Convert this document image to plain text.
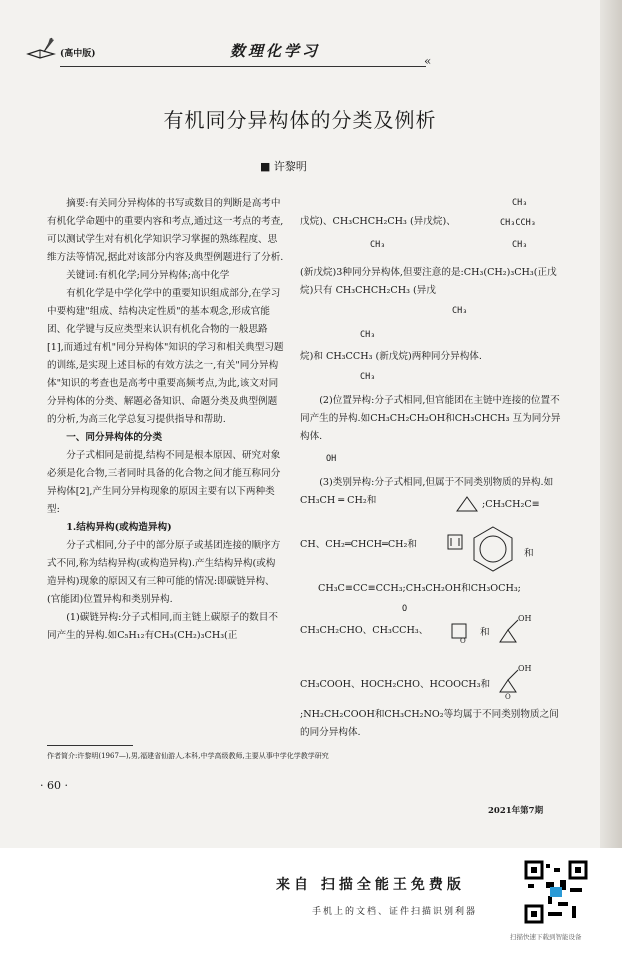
(高中版)	数理化学习
«
有机同分异构体的分类及例析
■ 许黎明

摘要:有关同分异构体的书写或数目的判断是高考中有机化学命题中的重要内容和考点,通过这一考点的考查,可以测试学生对有机化学知识学习掌握的熟练程度、思维方法等情况,据此对该部分内容及典型例题进行了分析.

关键词:有机化学;同分异构体;高中化学

有机化学是中学化学中的重要知识组成部分,在学习中要构建"组成、结构决定性质"的基本观念,形成官能团、化学键与反应类型来认识有机化合物的一般思路[1],而通过有机"同分异构体"知识的学习和相关典型习题的训练,是实现上述目标的有效方法之一,有关"同分异构体"知识的考查也是高考中重要高频考点,为此,该文对同分异构体的分类、解题必备知识、命题分类及典型例题的分析,为高三化学总复习提供指导和帮助.

一、同分异构体的分类

分子式相同是前提,结构不同是根本原因、研究对象必须是化合物,三者同时具备的化合物之间才能互称同分异构体[2],产生同分异构现象的原因主要有以下两种类型:

1.结构异构(或构造异构)

分子式相同,分子中的部分原子或基团连接的顺序方式不同,称为结构异构(或构造异构).产生结构异构(或构造异构)现象的原因又有三种可能的情况:即碳链异构、(官能团)位置异构和类别异构.

(1)碳链异构:分子式相同,而主链上碳原子的数目不同产生的异构.如C₅H₁₂有CH₃(CH₂)₃CH₃(正

戊烷)、CH₃CHCH₂CH₃ (异戊烷)、

CH₃
CH₃CCH₃
CH₃
CH₃

(新戊烷)3种同分异构体,但要注意的是:CH₃(CH₂)₃CH₃(正戊烷)只有 CH₃CHCH₂CH₃ (异戊

CH₃
CH₃

烷)和 CH₃CCH₃ (新戊烷)两种同分异构体.

CH₃

(2)位置异构:分子式相同,但官能团在主链中连接的位置不同产生的异构.如CH₃CH₂CH₂OH和CH₃CHCH₃ 互为同分异构体.

OH

(3)类别异构:分子式相同,但属于不同类别物质的异构.如CH₃CH ═ CH₂和	;CH₃CH₂C≡
CH、CH₂═CHCH═CH₂和
和
CH₃C≡CC≡CCH₃;CH₃CH₂OH和CH₃OCH₃;
O
CH₃CH₂CHO、CH₃CCH₃、
O
和
OH
CH₃COOH、HOCH₂CHO、HCOOCH₃和
OH
O

;NH₂CH₂COOH和CH₃CH₂NO₂等均属于不同类别物质之间的同分异构体.

作者简介:许黎明(1967—),男,福建省仙游人,本科,中学高级教师,主要从事中学化学教学研究
· 60 ·
2021年第7期
来自 扫描全能王免费版
手机上的文档、证件扫描识别利器
扫描快速下载到智能设备
